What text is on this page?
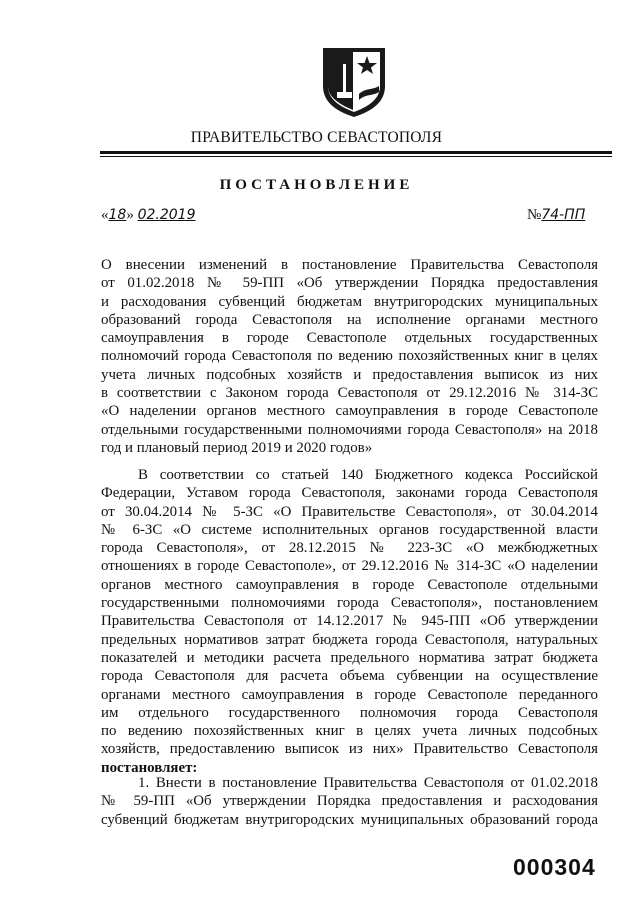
ПРАВИТЕЛЬСТВО СЕВАСТОПОЛЯ
ПОСТАНОВЛЕНИЕ
«18» 02.2019	№74-ПП
О внесении изменений в постановление Правительства Севастополя
от 01.02.2018 № 59-ПП «Об утверждении Порядка предоставления
и расходования субвенций бюджетам внутригородских муниципальных
образований города Севастополя на исполнение органами местного
самоуправления в городе Севастополе отдельных государственных
полномочий города Севастополя по ведению похозяйственных книг в целях
учета личных подсобных хозяйств и предоставления выписок из них
в соответствии с Законом города Севастополя от 29.12.2016 № 314-ЗС
«О наделении органов местного самоуправления в городе Севастополе
отдельными государственными полномочиями города Севастополя» на 2018
год и плановый период 2019 и 2020 годов»
В соответствии со статьей 140 Бюджетного кодекса Российской
Федерации, Уставом города Севастополя, законами города Севастополя
от 30.04.2014 № 5-ЗС «О Правительстве Севастополя», от 30.04.2014
№ 6-ЗС «О системе исполнительных органов государственной власти
города Севастополя», от 28.12.2015 № 223-ЗС «О межбюджетных
отношениях в городе Севастополе», от 29.12.2016 № 314-ЗС «О наделении
органов местного самоуправления в городе Севастополе отдельными
государственными полномочиями города Севастополя», постановлением
Правительства Севастополя от 14.12.2017 № 945-ПП «Об утверждении
предельных нормативов затрат бюджета города Севастополя, натуральных
показателей и методики расчета предельного норматива затрат бюджета
города Севастополя для расчета объема субвенции на осуществление
органами местного самоуправления в городе Севастополе переданного
им отдельного государственного полномочия города Севастополя
по ведению похозяйственных книг в целях учета личных подсобных
хозяйств, предоставлению выписок из них» Правительство Севастополя
постановляет:
1. Внести в постановление Правительства Севастополя от 01.02.2018
№ 59-ПП «Об утверждении Порядка предоставления и расходования
субвенций бюджетам внутригородских муниципальных образований города
000304
